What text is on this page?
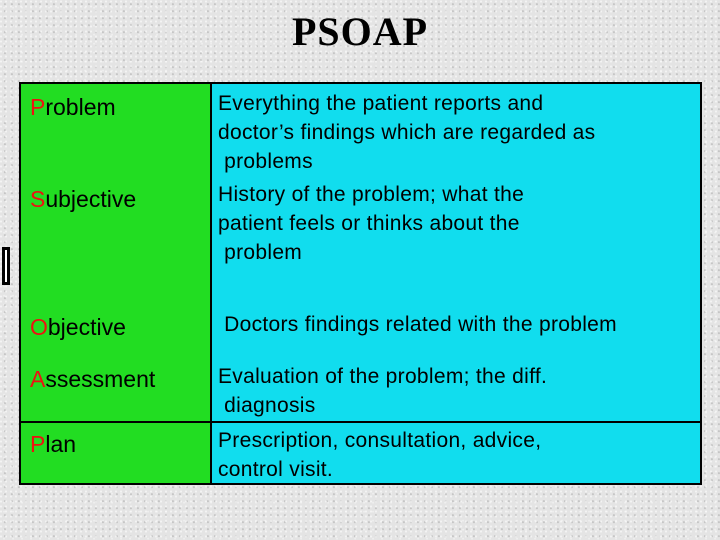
PSOAP
Problem	Everything the patient reports and
doctor’s findings which are regarded as
problems
Subjective	History of the problem; what the
patient feels or thinks about the
problem
Objective	Doctors findings related with the problem
Assessment	Evaluation of the problem; the diff.
diagnosis
Plan	Prescription, consultation, advice,
control visit.
